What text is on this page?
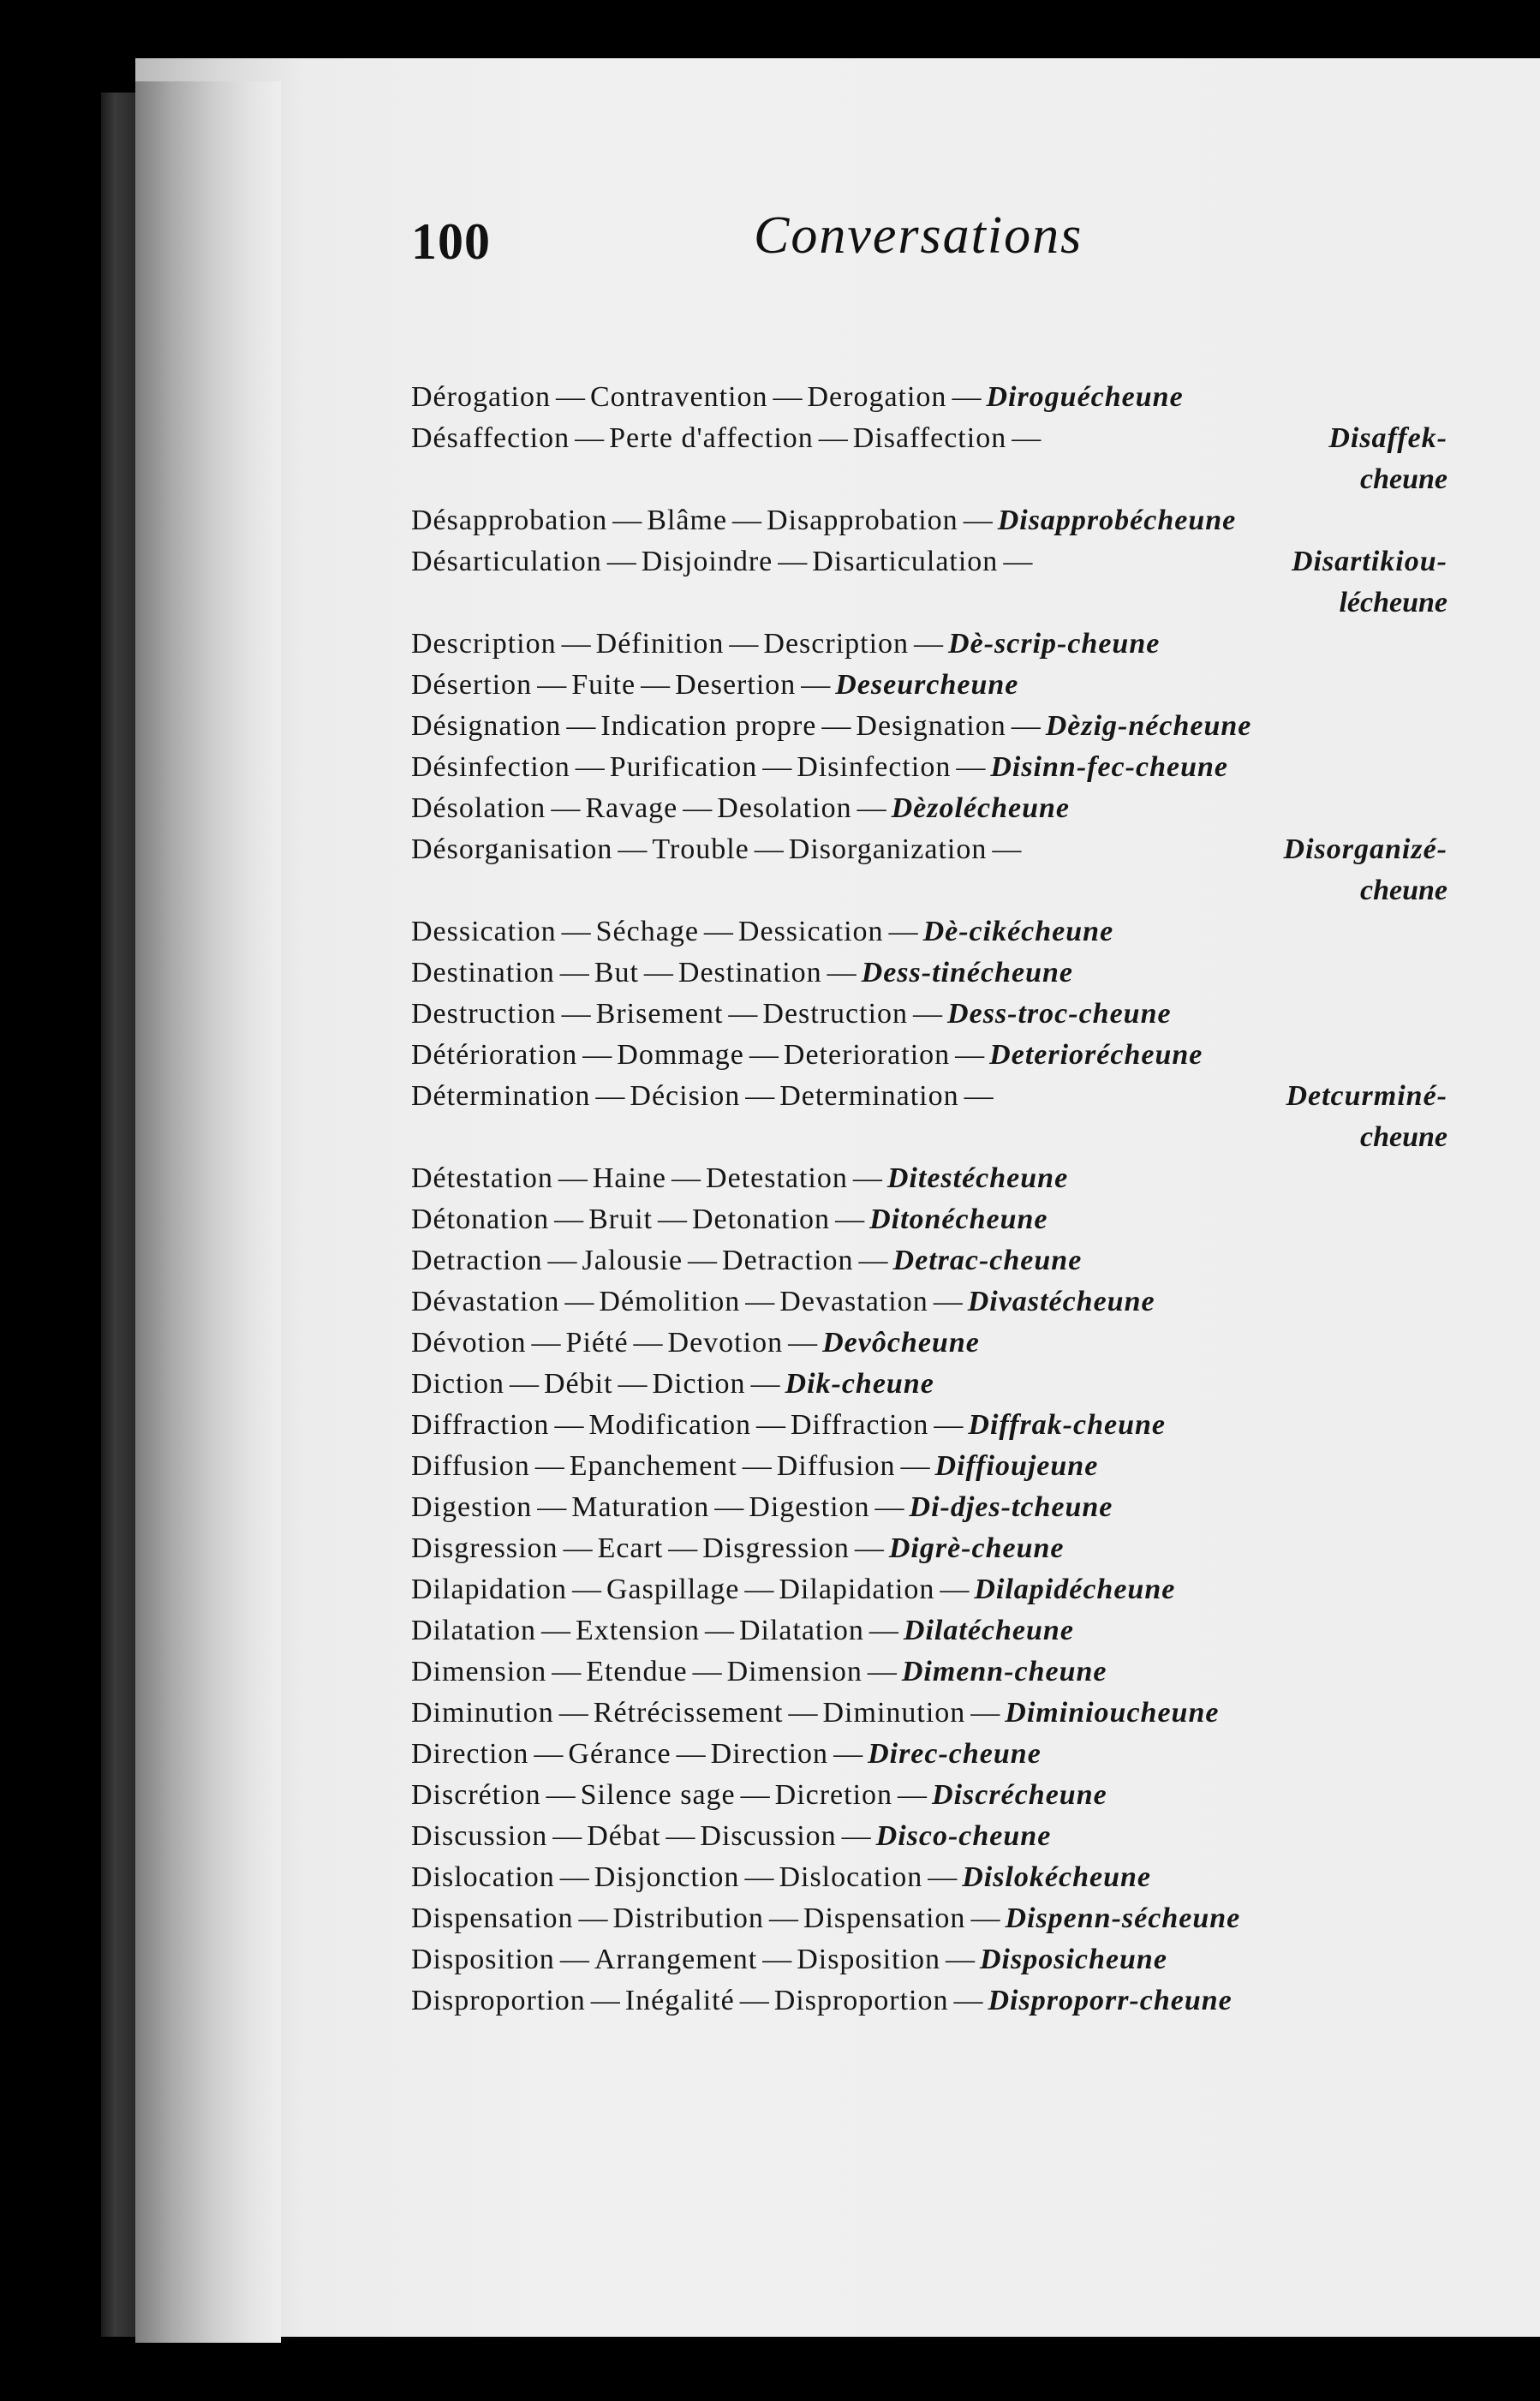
100	Conversations
Dérogation — Contravention — Derogation — Diroguécheune
Désaffection — Perte d'affection — Disaffection —	Disaffek-
cheune
Désapprobation — Blâme — Disapprobation — Disapprobécheune
Désarticulation — Disjoindre — Disarticulation —	Disartikiou-
lécheune
Description — Définition — Description — Dè-scrip-cheune
Désertion — Fuite — Desertion — Deseurcheune
Désignation — Indication propre — Designation — Dèzig-nécheune
Désinfection — Purification — Disinfection — Disinn-fec-cheune
Désolation — Ravage — Desolation — Dèzolécheune
Désorganisation — Trouble — Disorganization —	Disorganizé-
cheune
Dessication — Séchage — Dessication — Dè-cikécheune
Destination — But — Destination — Dess-tinécheune
Destruction — Brisement — Destruction — Dess-troc-cheune
Détérioration — Dommage — Deterioration — Deteriorécheune
Détermination — Décision — Determination —	Detcurminé-
cheune
Détestation — Haine — Detestation — Ditestécheune
Détonation — Bruit — Detonation — Ditonécheune
Detraction — Jalousie — Detraction — Detrac-cheune
Dévastation — Démolition — Devastation — Divastécheune
Dévotion — Piété — Devotion — Devôcheune
Diction — Débit — Diction — Dik-cheune
Diffraction — Modification — Diffraction — Diffrak-cheune
Diffusion — Epanchement — Diffusion — Diffioujeune
Digestion — Maturation — Digestion — Di-djes-tcheune
Disgression — Ecart — Disgression — Digrè-cheune
Dilapidation — Gaspillage — Dilapidation — Dilapidécheune
Dilatation — Extension — Dilatation — Dilatécheune
Dimension — Etendue — Dimension — Dimenn-cheune
Diminution — Rétrécissement — Diminution — Diminioucheune
Direction — Gérance — Direction — Direc-cheune
Discrétion — Silence sage — Dicretion — Discrécheune
Discussion — Débat — Discussion — Disco-cheune
Dislocation — Disjonction — Dislocation — Dislokécheune
Dispensation — Distribution — Dispensation — Dispenn-sécheune
Disposition — Arrangement — Disposition — Disposicheune
Disproportion — Inégalité — Disproportion — Disproporr-cheune
